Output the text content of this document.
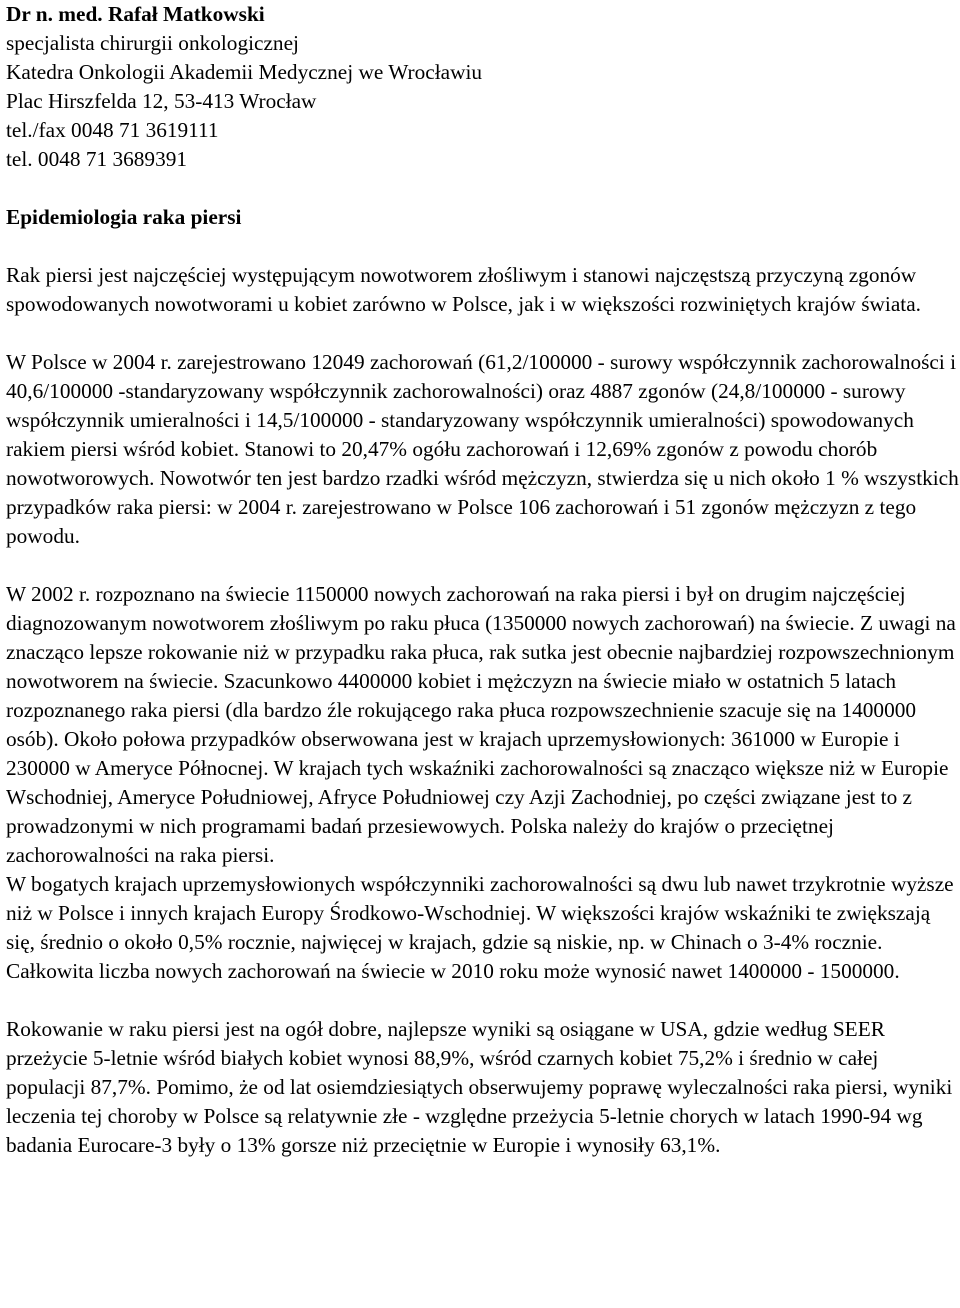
Dr n. med. Rafał Matkowski
specjalista chirurgii onkologicznej
Katedra Onkologii Akademii Medycznej we Wrocławiu
Plac Hirszfelda 12, 53-413 Wrocław
tel./fax 0048 71 3619111
tel. 0048 71 3689391
Epidemiologia raka piersi

Rak piersi jest najczęściej występującym nowotworem złośliwym i stanowi najczęstszą przyczyną zgonów spowodowanych nowotworami u kobiet zarówno w Polsce, jak i w większości rozwiniętych krajów świata.

W Polsce w 2004 r. zarejestrowano 12049 zachorowań (61,2/100000 - surowy współczynnik zachorowalności i 40,6/100000 -standaryzowany współczynnik zachorowalności) oraz 4887 zgonów (24,8/100000 - surowy współczynnik umieralności i 14,5/100000 - standaryzowany współczynnik umieralności) spowodowanych rakiem piersi wśród kobiet. Stanowi to 20,47% ogółu zachorowań i 12,69% zgonów z powodu chorób nowotworowych. Nowotwór ten jest bardzo rzadki wśród mężczyzn, stwierdza się u nich około 1 % wszystkich przypadków raka piersi: w 2004 r. zarejestrowano w Polsce 106 zachorowań i 51 zgonów mężczyzn z tego powodu.

W 2002 r. rozpoznano na świecie 1150000 nowych zachorowań na raka piersi i był on drugim najczęściej diagnozowanym nowotworem złośliwym po raku płuca (1350000 nowych zachorowań) na świecie. Z uwagi na znacząco lepsze rokowanie niż w przypadku raka płuca, rak sutka jest obecnie najbardziej rozpowszechnionym nowotworem na świecie. Szacunkowo 4400000 kobiet i mężczyzn na świecie miało w ostatnich 5 latach rozpoznanego raka piersi (dla bardzo źle rokującego raka płuca rozpowszechnienie szacuje się na 1400000 osób). Około połowa przypadków obserwowana jest w krajach uprzemysłowionych: 361000 w Europie i 230000 w Ameryce Północnej. W krajach tych wskaźniki zachorowalności są znacząco większe niż w Europie Wschodniej, Ameryce Południowej, Afryce Południowej czy Azji Zachodniej, po części związane jest to z prowadzonymi w nich programami badań przesiewowych. Polska należy do krajów o przeciętnej zachorowalności na raka piersi.

W bogatych krajach uprzemysłowionych współczynniki zachorowalności są dwu lub nawet trzykrotnie wyższe niż w Polsce i innych krajach Europy Środkowo-Wschodniej. W większości krajów wskaźniki te zwiększają się, średnio o około 0,5% rocznie, najwięcej w krajach, gdzie są niskie, np. w Chinach o 3-4% rocznie. Całkowita liczba nowych zachorowań na świecie w 2010 roku może wynosić nawet 1400000 - 1500000.

Rokowanie w raku piersi jest na ogół dobre, najlepsze wyniki są osiągane w USA, gdzie według SEER przeżycie 5-letnie wśród białych kobiet wynosi 88,9%, wśród czarnych kobiet 75,2% i średnio w całej populacji 87,7%. Pomimo, że od lat osiemdziesiątych obserwujemy poprawę wyleczalności raka piersi, wyniki leczenia tej choroby w Polsce są relatywnie złe - względne przeżycia 5-letnie chorych w latach 1990-94 wg badania Eurocare-3 były o 13% gorsze niż przeciętnie w Europie i wynosiły 63,1%.
